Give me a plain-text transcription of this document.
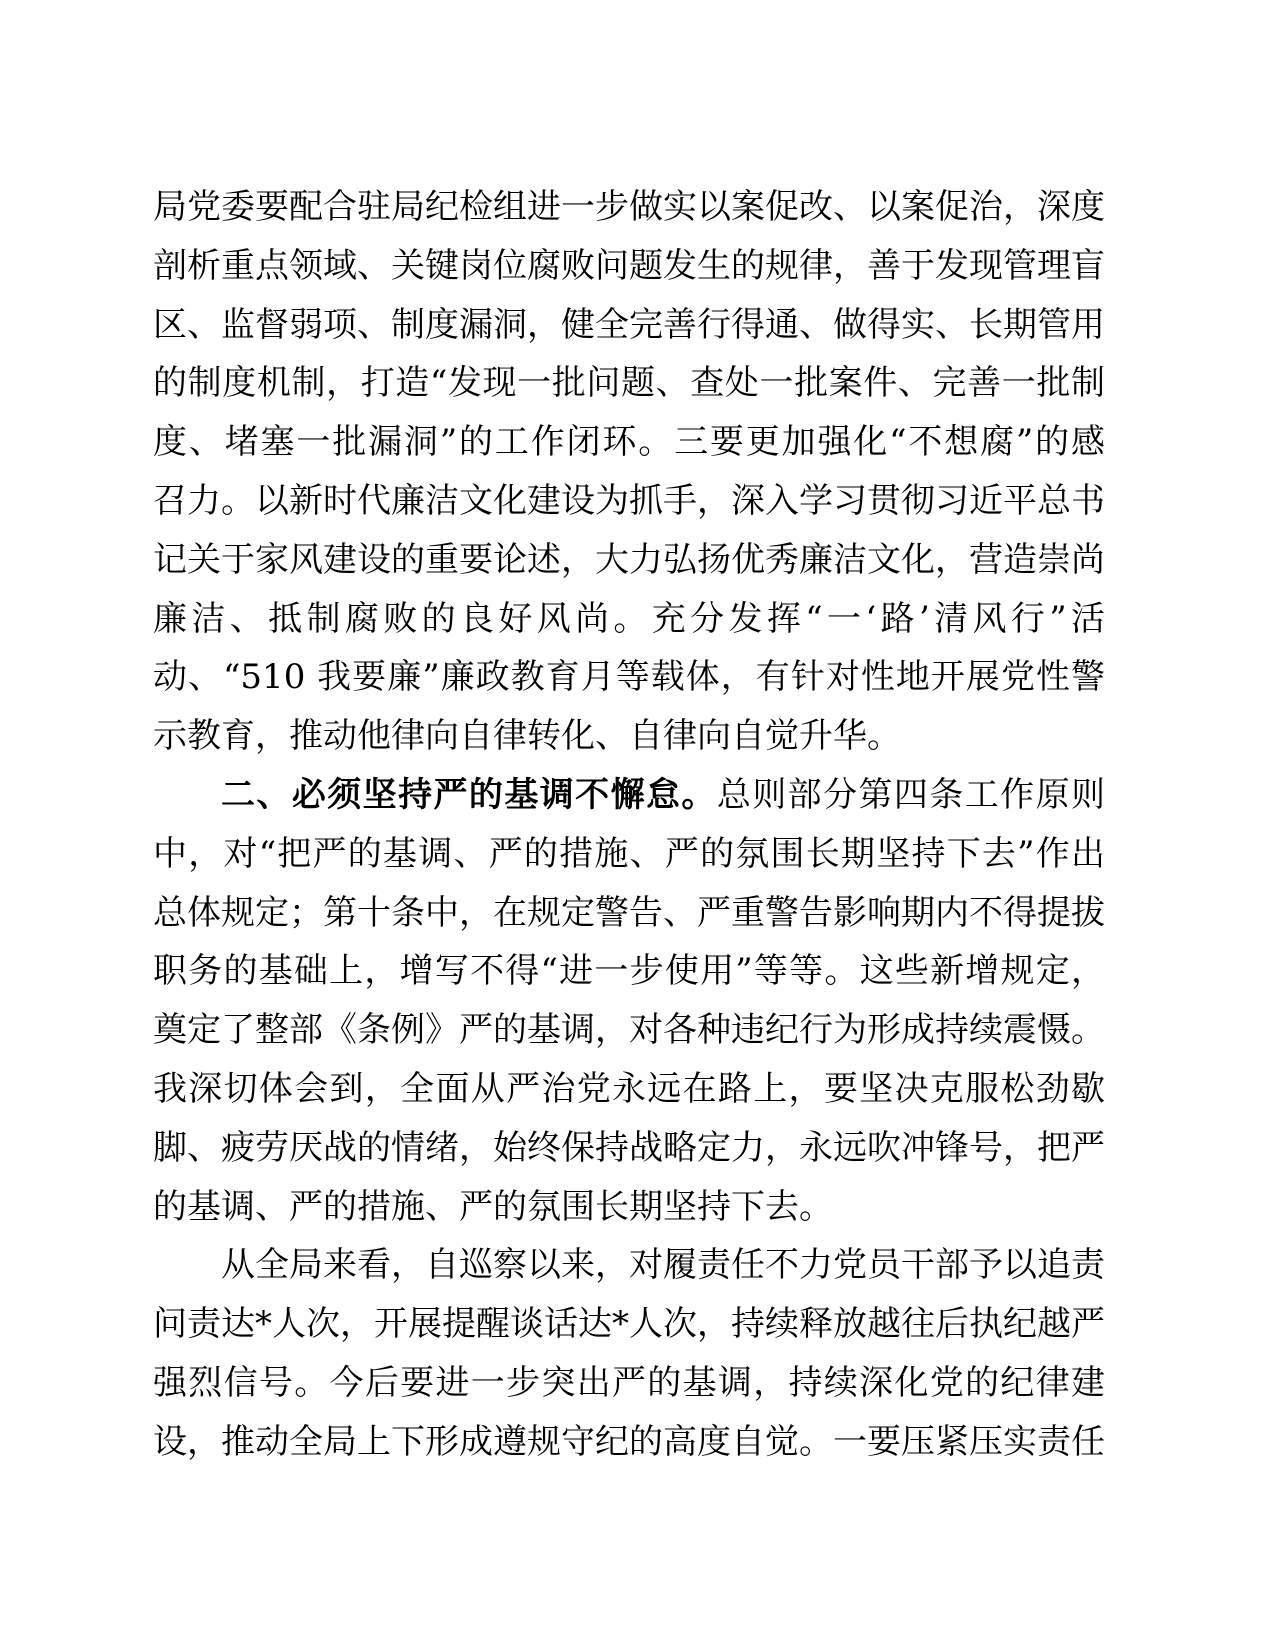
局党委要配合驻局纪检组进一步做实以案促改、以案促治，深度
剖析重点领域、关键岗位腐败问题发生的规律，善于发现管理盲
区、监督弱项、制度漏洞，健全完善行得通、做得实、长期管用
的制度机制，打造“发现一批问题、查处一批案件、完善一批制
度、堵塞一批漏洞”的工作闭环。三要更加强化“不想腐”的感
召力。以新时代廉洁文化建设为抓手，深入学习贯彻习近平总书
记关于家风建设的重要论述，大力弘扬优秀廉洁文化，营造崇尚
廉洁、抵制腐败的良好风尚。充分发挥“一‘路’清风行”活
动、“510 我要廉”廉政教育月等载体，有针对性地开展党性警
示教育，推动他律向自律转化、自律向自觉升华。
二、必须坚持严的基调不懈怠。总则部分第四条工作原则
中，对“把严的基调、严的措施、严的氛围长期坚持下去”作出
总体规定；第十条中，在规定警告、严重警告影响期内不得提拔
职务的基础上，增写不得“进一步使用”等等。这些新增规定，
奠定了整部《条例》严的基调，对各种违纪行为形成持续震慑。
我深切体会到，全面从严治党永远在路上，要坚决克服松劲歇
脚、疲劳厌战的情绪，始终保持战略定力，永远吹冲锋号，把严
的基调、严的措施、严的氛围长期坚持下去。
从全局来看，自巡察以来，对履责任不力党员干部予以追责
问责达*人次，开展提醒谈话达*人次，持续释放越往后执纪越严
强烈信号。今后要进一步突出严的基调，持续深化党的纪律建
设，推动全局上下形成遵规守纪的高度自觉。一要压紧压实责任
